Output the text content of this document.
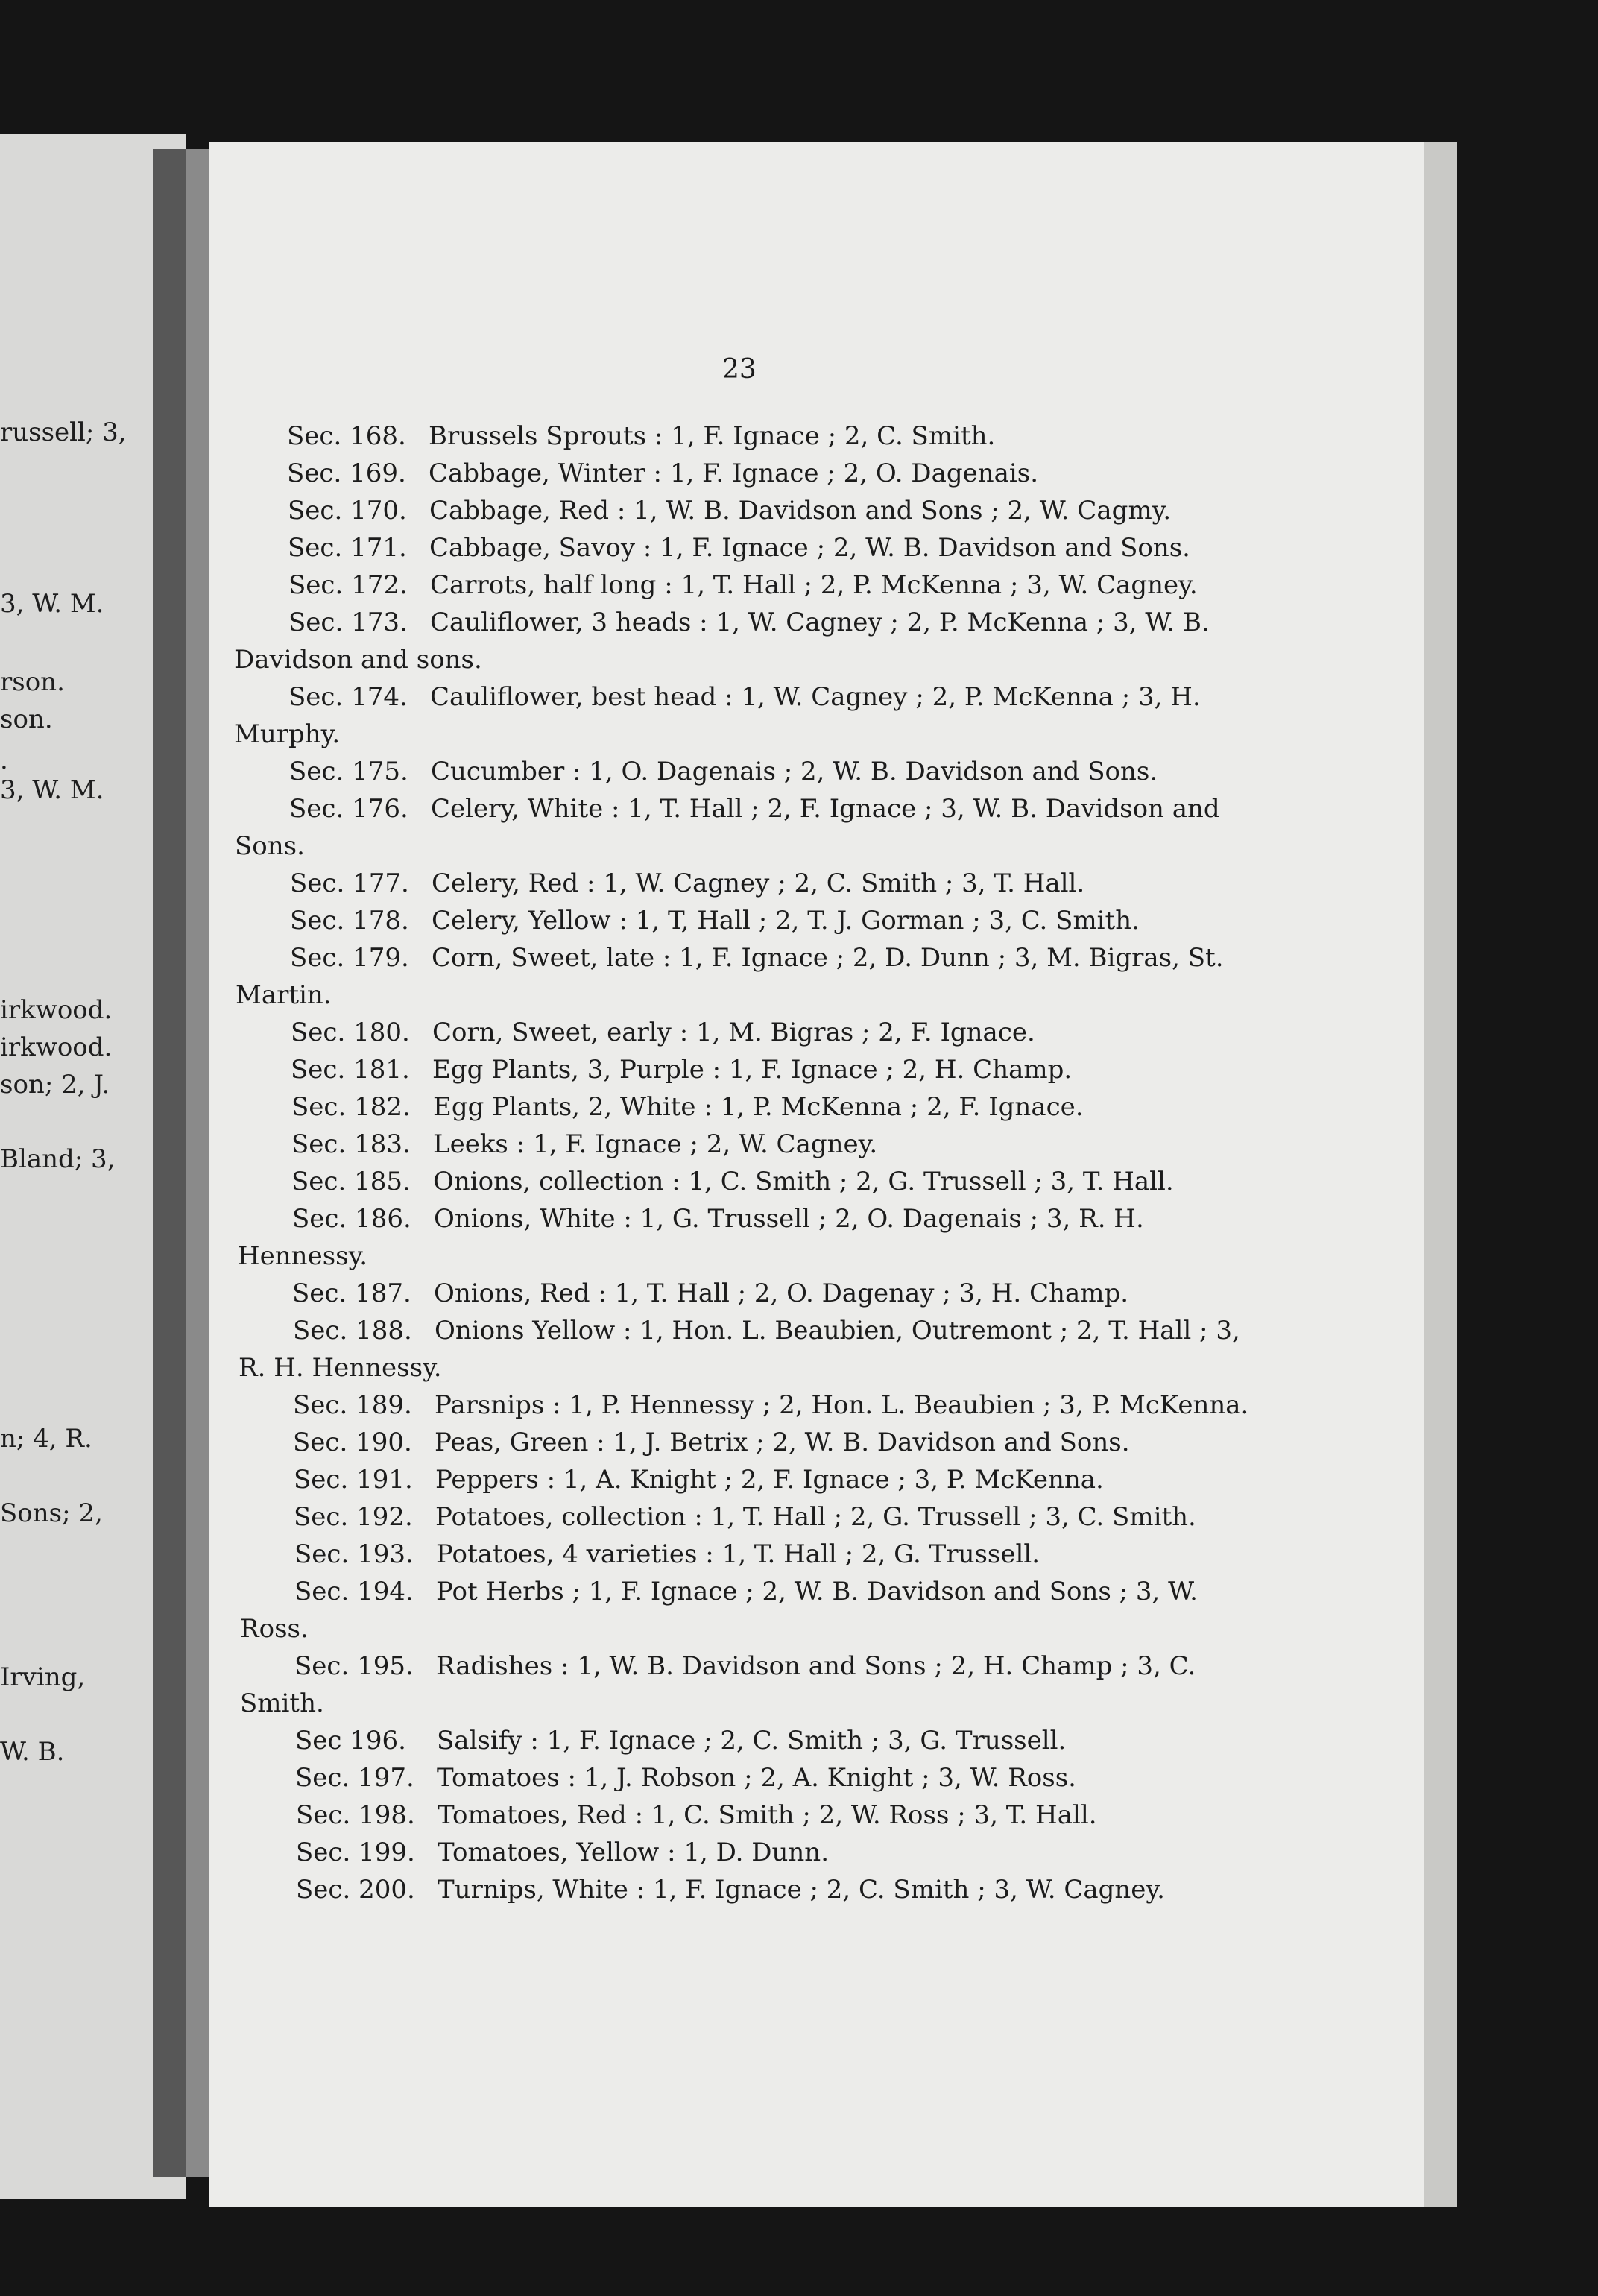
russell; 3,
3, W. M.
rson.
son.
.
3, W. M.
irkwood.
irkwood.
son; 2, J.
Bland; 3,
n; 4, R.
Sons; 2,
Irving,
W. B.
23
Sec. 168. Brussels Sprouts : 1, F. Ignace ; 2, C. Smith.
Sec. 169. Cabbage, Winter : 1, F. Ignace ; 2, O. Dagenais.
Sec. 170. Cabbage, Red : 1, W. B. Davidson and Sons ; 2, W. Cagmy.
Sec. 171. Cabbage, Savoy : 1, F. Ignace ; 2, W. B. Davidson and Sons.
Sec. 172. Carrots, half long : 1, T. Hall ; 2, P. McKenna ; 3, W. Cagney.
Sec. 173. Cauliflower, 3 heads : 1, W. Cagney ; 2, P. McKenna ; 3, W. B.
Davidson and sons.
Sec. 174. Cauliflower, best head : 1, W. Cagney ; 2, P. McKenna ; 3, H.
Murphy.
Sec. 175. Cucumber : 1, O. Dagenais ; 2, W. B. Davidson and Sons.
Sec. 176. Celery, White : 1, T. Hall ; 2, F. Ignace ; 3, W. B. Davidson and
Sons.
Sec. 177. Celery, Red : 1, W. Cagney ; 2, C. Smith ; 3, T. Hall.
Sec. 178. Celery, Yellow : 1, T, Hall ; 2, T. J. Gorman ; 3, C. Smith.
Sec. 179. Corn, Sweet, late : 1, F. Ignace ; 2, D. Dunn ; 3, M. Bigras, St.
Martin.
Sec. 180. Corn, Sweet, early : 1, M. Bigras ; 2, F. Ignace.
Sec. 181. Egg Plants, 3, Purple : 1, F. Ignace ; 2, H. Champ.
Sec. 182. Egg Plants, 2, White : 1, P. McKenna ; 2, F. Ignace.
Sec. 183. Leeks : 1, F. Ignace ; 2, W. Cagney.
Sec. 185. Onions, collection : 1, C. Smith ; 2, G. Trussell ; 3, T. Hall.
Sec. 186. Onions, White : 1, G. Trussell ; 2, O. Dagenais ; 3, R. H.
Hennessy.
Sec. 187. Onions, Red : 1, T. Hall ; 2, O. Dagenay ; 3, H. Champ.
Sec. 188. Onions Yellow : 1, Hon. L. Beaubien, Outremont ; 2, T. Hall ; 3,
R. H. Hennessy.
Sec. 189. Parsnips : 1, P. Hennessy ; 2, Hon. L. Beaubien ; 3, P. McKenna.
Sec. 190. Peas, Green : 1, J. Betrix ; 2, W. B. Davidson and Sons.
Sec. 191. Peppers : 1, A. Knight ; 2, F. Ignace ; 3, P. McKenna.
Sec. 192. Potatoes, collection : 1, T. Hall ; 2, G. Trussell ; 3, C. Smith.
Sec. 193. Potatoes, 4 varieties : 1, T. Hall ; 2, G. Trussell.
Sec. 194. Pot Herbs ; 1, F. Ignace ; 2, W. B. Davidson and Sons ; 3, W.
Ross.
Sec. 195. Radishes : 1, W. B. Davidson and Sons ; 2, H. Champ ; 3, C.
Smith.
Sec 196. Salsify : 1, F. Ignace ; 2, C. Smith ; 3, G. Trussell.
Sec. 197. Tomatoes : 1, J. Robson ; 2, A. Knight ; 3, W. Ross.
Sec. 198. Tomatoes, Red : 1, C. Smith ; 2, W. Ross ; 3, T. Hall.
Sec. 199. Tomatoes, Yellow : 1, D. Dunn.
Sec. 200. Turnips, White : 1, F. Ignace ; 2, C. Smith ; 3, W. Cagney.
